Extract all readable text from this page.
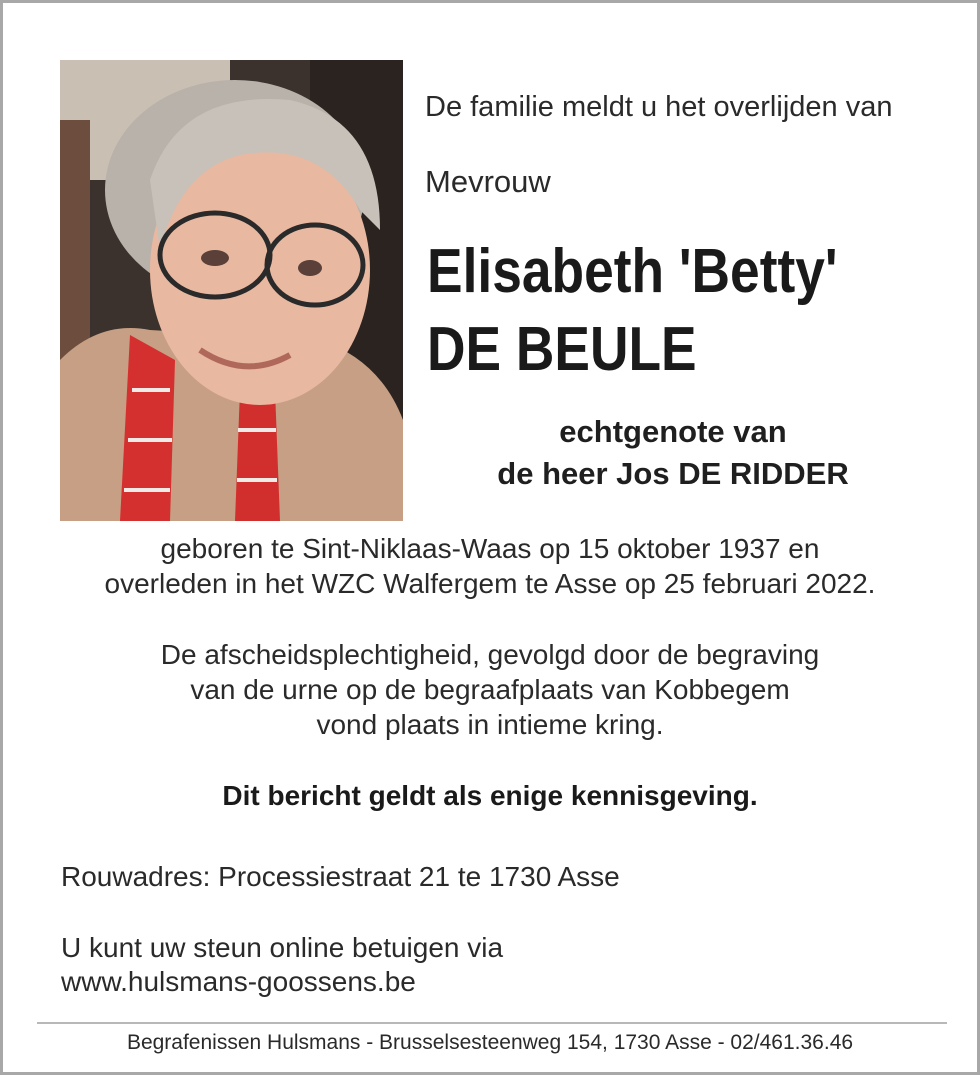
De familie meldt u het overlijden van
Mevrouw
Elisabeth 'Betty'
DE BEULE
echtgenote van
de heer Jos DE RIDDER
geboren te Sint-Niklaas-Waas op 15 oktober 1937 en
overleden in het WZC Walfergem te Asse op 25 februari 2022.
De afscheidsplechtigheid, gevolgd door de begraving
van de urne op de begraafplaats van Kobbegem
vond plaats in intieme kring.
Dit bericht geldt als enige kennisgeving.
Rouwadres: Processiestraat 21 te 1730 Asse
U kunt uw steun online betuigen via
www.hulsmans-goossens.be
Begrafenissen Hulsmans - Brusselsesteenweg 154, 1730 Asse - 02/461.36.46
